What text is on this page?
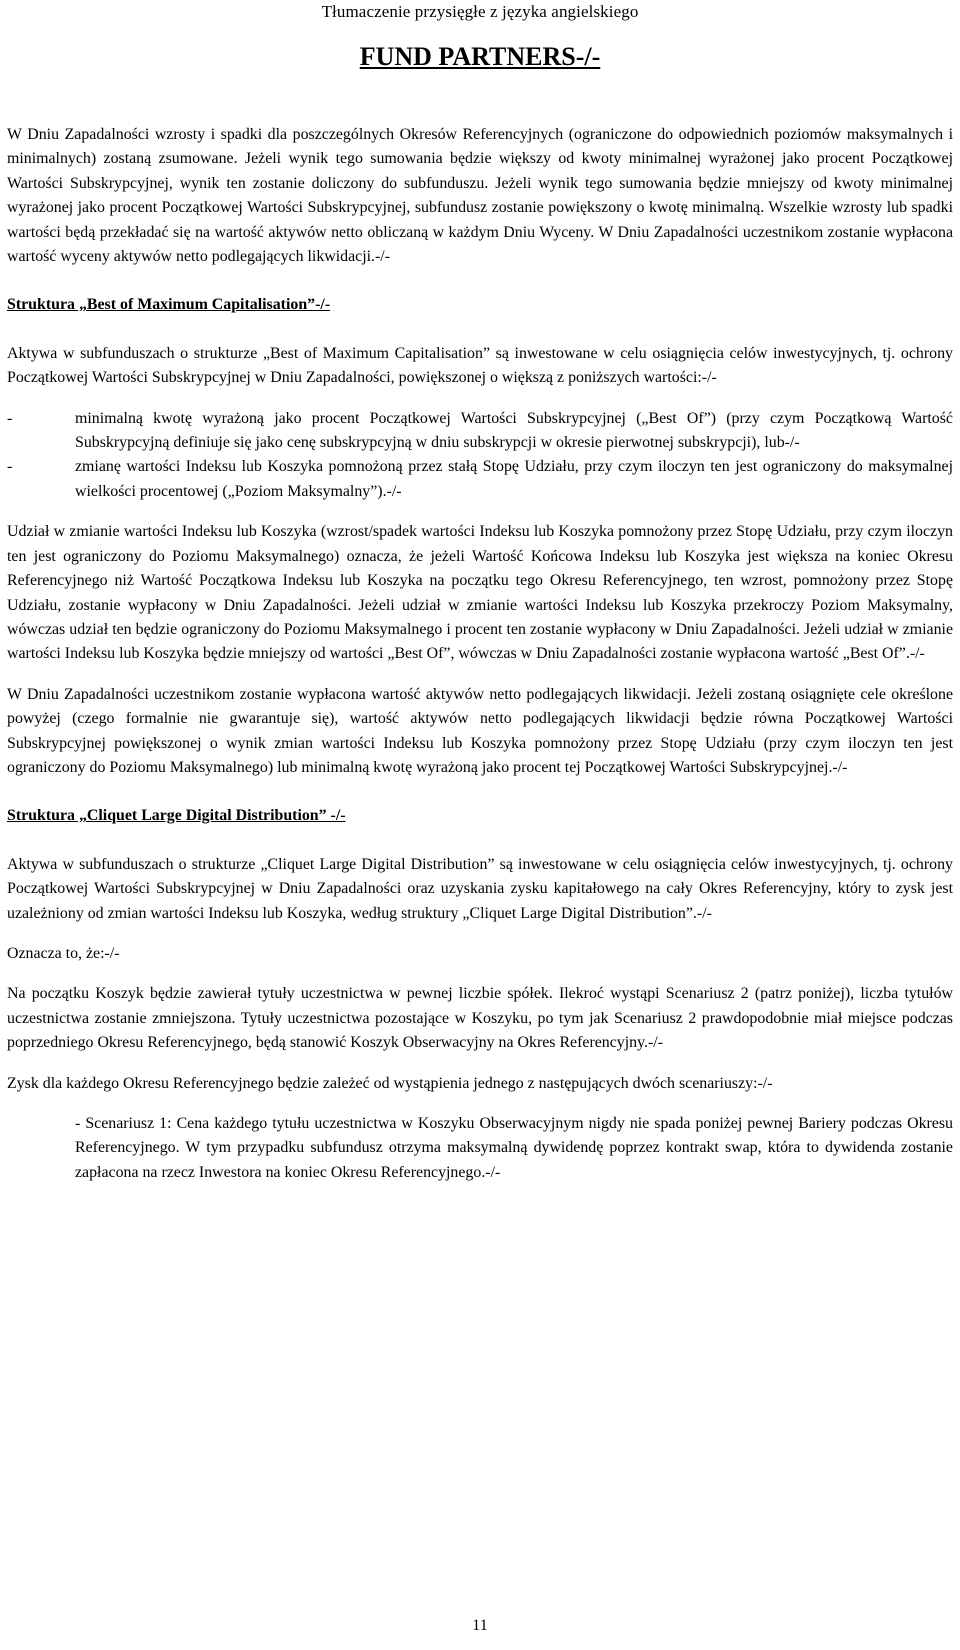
Tłumaczenie przysięgłe z języka angielskiego
FUND PARTNERS-/-

W Dniu Zapadalności wzrosty i spadki dla poszczególnych Okresów Referencyjnych (ograniczone do odpowiednich poziomów maksymalnych i minimalnych) zostaną zsumowane. Jeżeli wynik tego sumowania będzie większy od kwoty minimalnej wyrażonej jako procent Początkowej Wartości Subskrypcyjnej, wynik ten zostanie doliczony do subfunduszu. Jeżeli wynik tego sumowania będzie mniejszy od kwoty minimalnej wyrażonej jako procent Początkowej Wartości Subskrypcyjnej, subfundusz zostanie powiększony o kwotę minimalną. Wszelkie wzrosty lub spadki wartości będą przekładać się na wartość aktywów netto obliczaną w każdym Dniu Wyceny. W Dniu Zapadalności uczestnikom zostanie wypłacona wartość wyceny aktywów netto podlegających likwidacji.-/-

Struktura „Best of Maximum Capitalisation”-/-

Aktywa w subfunduszach o strukturze „Best of Maximum Capitalisation” są inwestowane w celu osiągnięcia celów inwestycyjnych, tj. ochrony Początkowej Wartości Subskrypcyjnej w Dniu Zapadalności, powiększonej o większą z poniższych wartości:-/-

-	minimalną kwotę wyrażoną jako procent Początkowej Wartości Subskrypcyjnej („Best Of”) (przy czym Początkową Wartość Subskrypcyjną definiuje się jako cenę subskrypcyjną w dniu subskrypcji w okresie pierwotnej subskrypcji), lub-/-
-	zmianę wartości Indeksu lub Koszyka pomnożoną przez stałą Stopę Udziału, przy czym iloczyn ten jest ograniczony do maksymalnej wielkości procentowej („Poziom Maksymalny”).-/-

Udział w zmianie wartości Indeksu lub Koszyka (wzrost/spadek wartości Indeksu lub Koszyka pomnożony przez Stopę Udziału, przy czym iloczyn ten jest ograniczony do Poziomu Maksymalnego) oznacza, że jeżeli Wartość Końcowa Indeksu lub Koszyka jest większa na koniec Okresu Referencyjnego niż Wartość Początkowa Indeksu lub Koszyka na początku tego Okresu Referencyjnego, ten wzrost, pomnożony przez Stopę Udziału, zostanie wypłacony w Dniu Zapadalności. Jeżeli udział w zmianie wartości Indeksu lub Koszyka przekroczy Poziom Maksymalny, wówczas udział ten będzie ograniczony do Poziomu Maksymalnego i procent ten zostanie wypłacony w Dniu Zapadalności. Jeżeli udział w zmianie wartości Indeksu lub Koszyka będzie mniejszy od wartości „Best Of”, wówczas w Dniu Zapadalności zostanie wypłacona wartość „Best Of”.-/-

W Dniu Zapadalności uczestnikom zostanie wypłacona wartość aktywów netto podlegających likwidacji. Jeżeli zostaną osiągnięte cele określone powyżej (czego formalnie nie gwarantuje się), wartość aktywów netto podlegających likwidacji będzie równa Początkowej Wartości Subskrypcyjnej powiększonej o wynik zmian wartości Indeksu lub Koszyka pomnożony przez Stopę Udziału (przy czym iloczyn ten jest ograniczony do Poziomu Maksymalnego) lub minimalną kwotę wyrażoną jako procent tej Początkowej Wartości Subskrypcyjnej.-/-

Struktura „Cliquet Large Digital Distribution” -/-

Aktywa w subfunduszach o strukturze „Cliquet Large Digital Distribution” są inwestowane w celu osiągnięcia celów inwestycyjnych, tj. ochrony Początkowej Wartości Subskrypcyjnej w Dniu Zapadalności oraz uzyskania zysku kapitałowego na cały Okres Referencyjny, który to zysk jest uzależniony od zmian wartości Indeksu lub Koszyka, według struktury „Cliquet Large Digital Distribution”.-/-

Oznacza to, że:-/-

Na początku Koszyk będzie zawierał tytuły uczestnictwa w pewnej liczbie spółek. Ilekroć wystąpi Scenariusz 2 (patrz poniżej), liczba tytułów uczestnictwa zostanie zmniejszona. Tytuły uczestnictwa pozostające w Koszyku, po tym jak Scenariusz 2 prawdopodobnie miał miejsce podczas poprzedniego Okresu Referencyjnego, będą stanowić Koszyk Obserwacyjny na Okres Referencyjny.-/-

Zysk dla każdego Okresu Referencyjnego będzie zależeć od wystąpienia jednego z następujących dwóch scenariuszy:-/-

- Scenariusz 1: Cena każdego tytułu uczestnictwa w Koszyku Obserwacyjnym nigdy nie spada poniżej pewnej Bariery podczas Okresu Referencyjnego. W tym przypadku subfundusz otrzyma maksymalną dywidendę poprzez kontrakt swap, która to dywidenda zostanie zapłacona na rzecz Inwestora na koniec Okresu Referencyjnego.-/-

11
